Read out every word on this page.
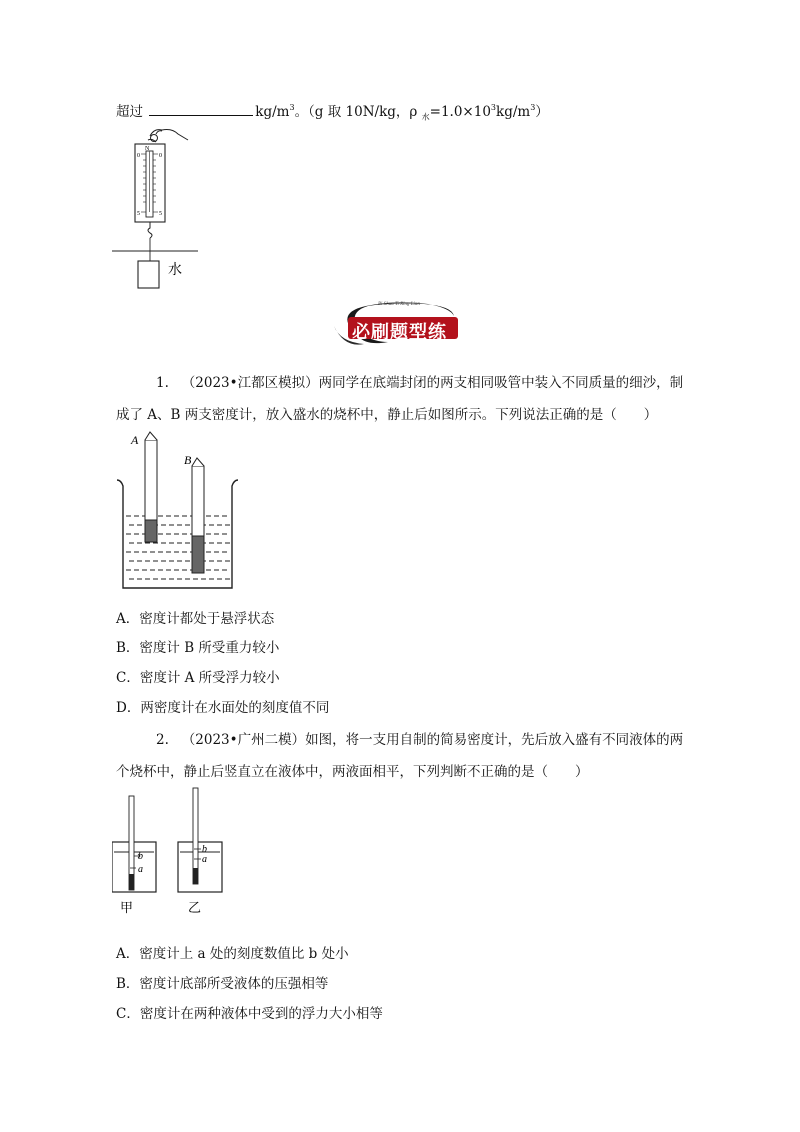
超过	$kg/m^3$。（g 取 10N/kg，ρ $_水=1.0\times 10^3kg/m^3$）
N
0
5
0
5
水
Bi Shua Ti Xing Lian
必刷题型练
1. （2023•江都区模拟）两同学在底端封闭的两支相同吸管中装入不同质量的细沙，制
成了 A、B 两支密度计，放入盛水的烧杯中，静止后如图所示。下列说法正确的是（　　）
A
B
A．密度计都处于悬浮状态
B．密度计 B 所受重力较小
C．密度计 A 所受浮力较小
D．两密度计在水面处的刻度值不同
2. （2023•广州二模）如图，将一支用自制的简易密度计，先后放入盛有不同液体的两
个烧杯中，静止后竖直立在液体中，两液面相平，下列判断不正确的是（　　）
b
a
甲
b
a
乙
A．密度计上 a 处的刻度数值比 b 处小
B．密度计底部所受液体的压强相等
C．密度计在两种液体中受到的浮力大小相等
